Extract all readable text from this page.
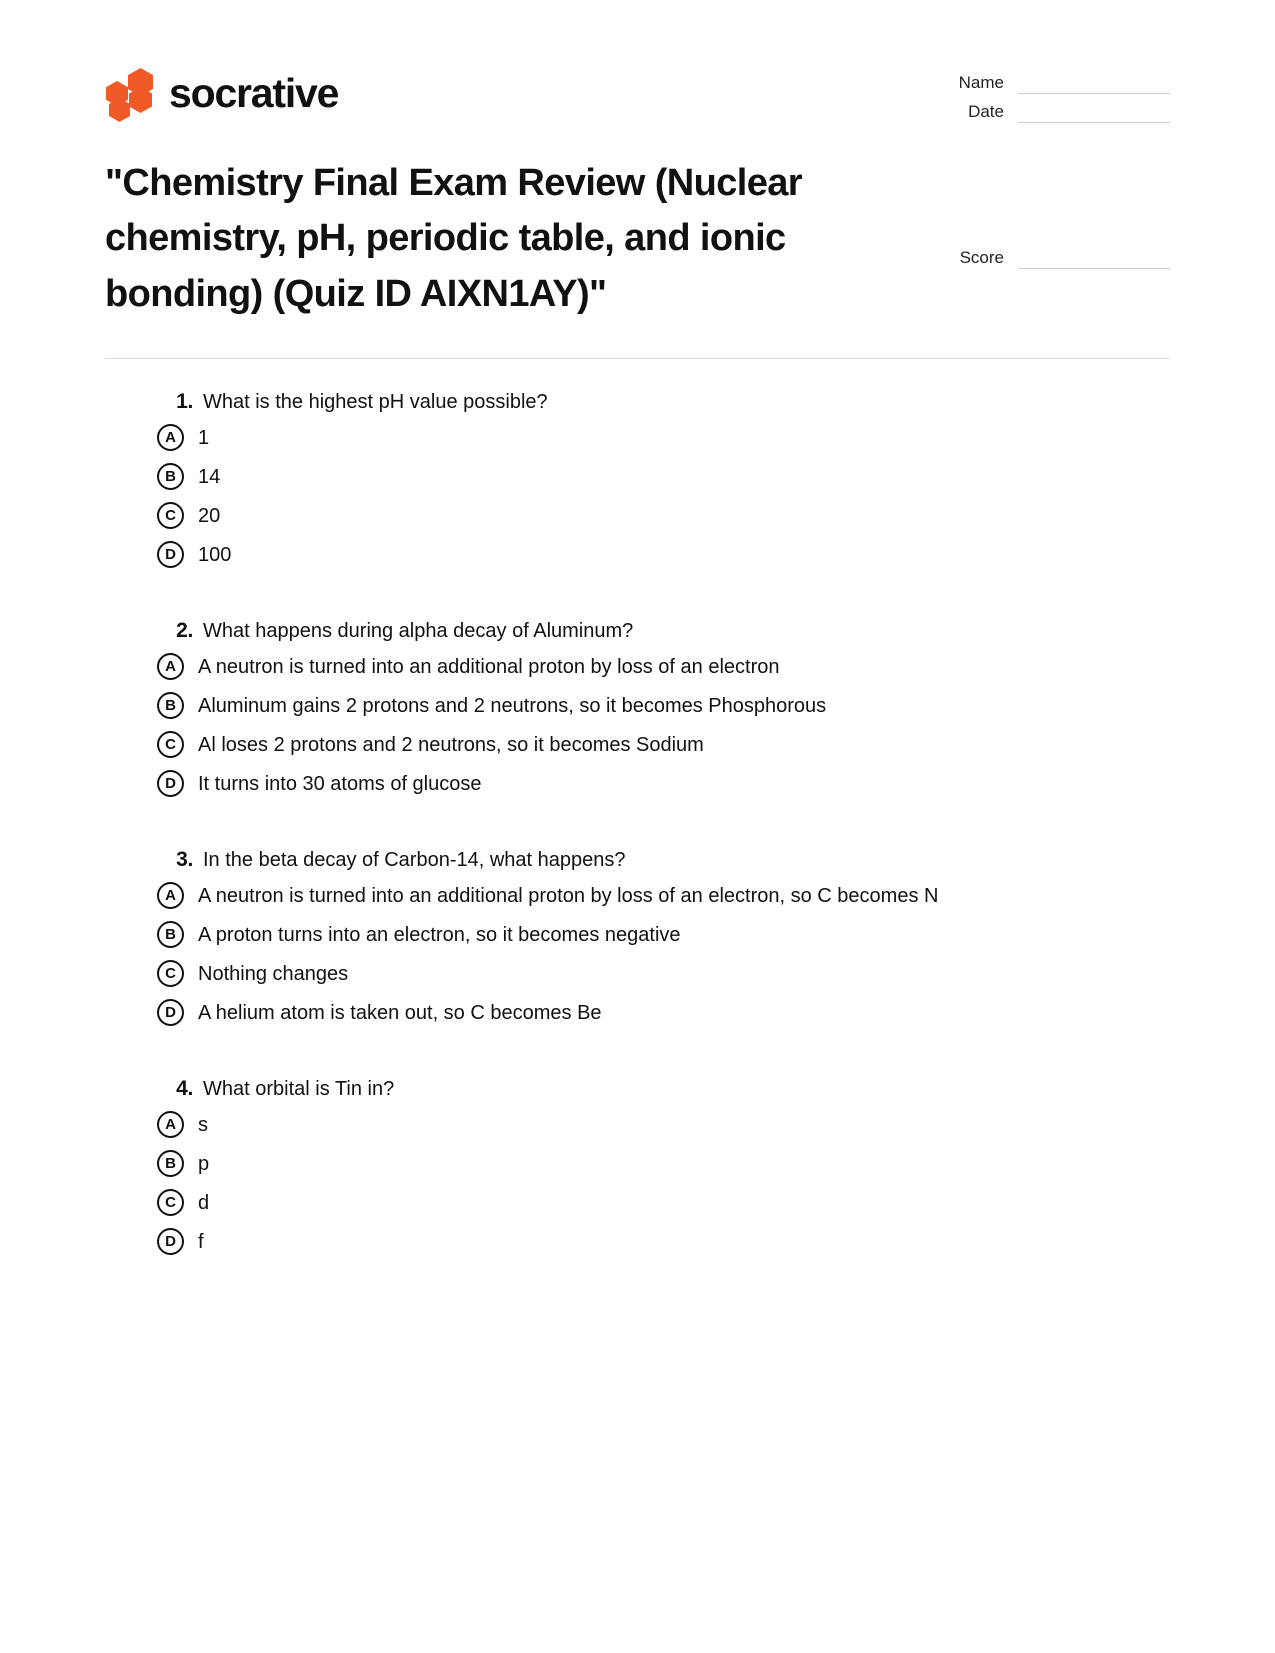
socrative	Name
Date
"Chemistry Final Exam Review (Nuclear chemistry, pH, periodic table, and ionic bonding) (Quiz ID AIXN1AY)"
Score
1. What is the highest pH value possible?
A	1
B	14
C	20
D	100
2. What happens during alpha decay of Aluminum?
A	A neutron is turned into an additional proton by loss of an electron
B	Aluminum gains 2 protons and 2 neutrons, so it becomes Phosphorous
C	Al loses 2 protons and 2 neutrons, so it becomes Sodium
D	It turns into 30 atoms of glucose
3. In the beta decay of Carbon-14, what happens?
A	A neutron is turned into an additional proton by loss of an electron, so C becomes N
B	A proton turns into an electron, so it becomes negative
C	Nothing changes
D	A helium atom is taken out, so C becomes Be
4. What orbital is Tin in?
A	s
B	p
C	d
D	f
